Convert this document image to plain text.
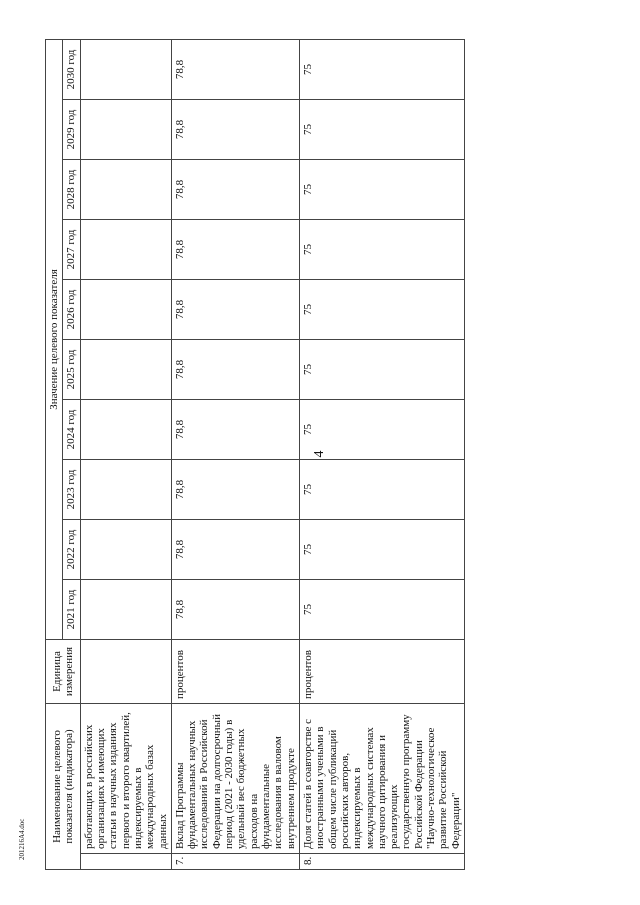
4
Наименование целевого показателя (индикатора)		Единица измерения	Значение целевого показателя									
			2021 год	2022 год	2023 год	2024 год	2025 год	2026 год	2027 год	2028 год	2029 год	2030 год
	работающих в российских организациях и имеющих статьи в научных изданиях первого и второго квартилей, индексируемых в международных базах данных											
7.	Вклад Программы фундаментальных научных исследований в Российской Федерации на долгосрочный период (2021 - 2030 годы) в удельный вес бюджетных расходов на фундаментальные исследования в валовом внутреннем продукте	процентов	78,8	78,8	78,8	78,8	78,8	78,8	78,8	78,8	78,8	78,8
8.	Доля статей в соавторстве с иностранными учеными в общем числе публикаций российских авторов, индексируемых в международных системах научного цитирования и реализующих государственную программу Российской Федерации "Научно-технологическое развитие Российской Федерации"	процентов	75	75	75	75	75	75	75	75	75	75
201216А4.doc
